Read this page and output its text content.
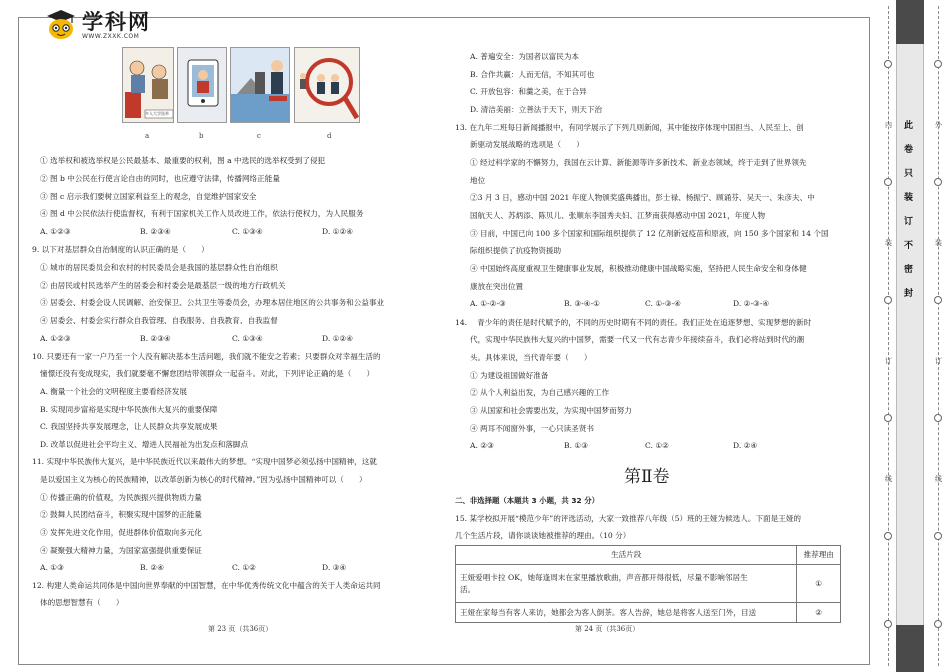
学科网
WWW.ZXXK.COM
多人大学选举
a	b	c	d
① 选举权和被选举权是公民最基本、最重要的权利，图 a 中选民的选举权受到了侵犯
② 图 b 中公民在行使言论自由的同时，也应遵守法律，传播网络正能量
③ 图 c 启示我们要树立国家利益至上的观念，自觉维护国家安全
④ 图 d 中公民依法行使监督权，有利于国家机关工作人员改进工作，依法行使权力，为人民服务
A. ①②③	B. ②③④	C. ①③④	D. ①②④
9. 以下对基层群众自治制度的认识正确的是（　　）
① 城市的居民委员会和农村的村民委员会是我国的基层群众性自治组织
② 由居民或村民选举产生的居委会和村委会是最基层一级的地方行政机关
③ 居委会、村委会设人民调解、治安保卫、公共卫生等委员会，办理本居住地区的公共事务和公益事业
④ 居委会、村委会实行群众自我管理、自我服务、自我教育、自我监督
A. ①②③	B. ②③④	C. ①③④	D. ①②④
10. 只要还有一家一户乃至一个人没有解决基本生活问题，我们就不能安之若素；只要群众对幸福生活的
憧憬还没有变成现实，我们就要毫不懈怠团结带领群众一起奋斗。对此，下列评论正确的是（　　）
A. 衡量一个社会的文明程度主要看经济发展
B. 实现同步富裕是实现中华民族伟大复兴的重要保障
C. 我国坚持共享发展理念，让人民群众共享发展成果
D. 改革以促进社会平均主义、增进人民福祉为出发点和落脚点
11. 实现中华民族伟大复兴，是中华民族近代以来最伟大的梦想。“实现中国梦必须弘扬中国精神，这就
是以爱国主义为核心的民族精神，以改革创新为核心的时代精神。”因为弘扬中国精神可以（　　）
① 传播正确的价值观，为民族振兴提供物质力量
② 鼓舞人民团结奋斗，积聚实现中国梦的正能量
③ 发挥先进文化作用，促进群体价值取向多元化
④ 凝聚强大精神力量，为国家富强提供重要保证
A. ①③	B. ②④	C. ①②	D. ③④
12. 构建人类命运共同体是中国向世界奉献的中国智慧，在中华优秀传统文化中蕴含的关于人类命运共同
体的思想智慧有（　　）
第 23 页（共36页）
A. 普遍安全：为国者以富民为本
B. 合作共赢：人而无信，不知其可也
C. 开放包容：和羹之美，在于合异
D. 清洁美丽：立善法于天下，则天下治
13. 在九年二班每日新闻播报中，有同学展示了下列几则新闻，其中能按序体现中国担当、人民至上、创
新驱动发展战略的选项是（　　）
① 经过科学家的不懈努力，我国在云计算、新能源等许多新技术、新业态领域，终于走到了世界领先
地位
②3 月 3 日，感动中国 2021 年度人物颁奖盛典播出，彭士禄、杨振宁、顾诵芬、吴天一、朱彦夫、中
国航天人、苏炳添、陈贝儿、张顺东李国秀夫妇、江梦南获得感动中国 2021，年度人物
③ 目前，中国已向 100 多个国家和国际组织提供了 12 亿剂新冠疫苗和原液，向 150 多个国家和 14 个国
际组织提供了抗疫物资援助
④ 中国始终高度重视卫生健康事业发展，积极推动健康中国战略实施，坚持把人民生命安全和身体健
康放在突出位置
A. ①-②-③	B. ③-④-①	C. ①-③-④	D. ②-③-④
14. 　青少年的责任是时代赋予的，不同的历史时期有不同的责任。我们正处在追逐梦想、实现梦想的新时
代，实现中华民族伟大复兴的中国梦，需要一代又一代有志青少年接续奋斗，我们必将站到时代的潮
头。具体来说，当代青年要（　　）
① 为建设祖国做好准备
② 从个人利益出发，为自己感兴趣的工作
③ 从国家和社会需要出发，为实现中国梦而努力
④ 两耳不闻窗外事，一心只读圣贤书
A. ②③	B. ①③	C. ①②	D. ②④
第Ⅱ卷
二、非选择题（本题共 3 小题，共 32 分）
15. 某学校拟开展“模范少年”的评选活动，大家一致推荐八年级（5）班的王娅为候选人。下面是王娅的
几个生活片段，请你谈谈她被推荐的理由。（10 分）
生活片段	推荐理由

王娅爱唱卡拉 OK，她每逢周末在家里播放歌曲，声音都开得很低，尽量不影响邻居生
活。	①

王娅在家每当有客人来访，她都会为客人倒茶。客人告辞，她总是将客人送至门外，目送	②
第 24 页（共36页）
此
卷
只
装
订
不
密
封
内
装
订
线
外
装
订
线
